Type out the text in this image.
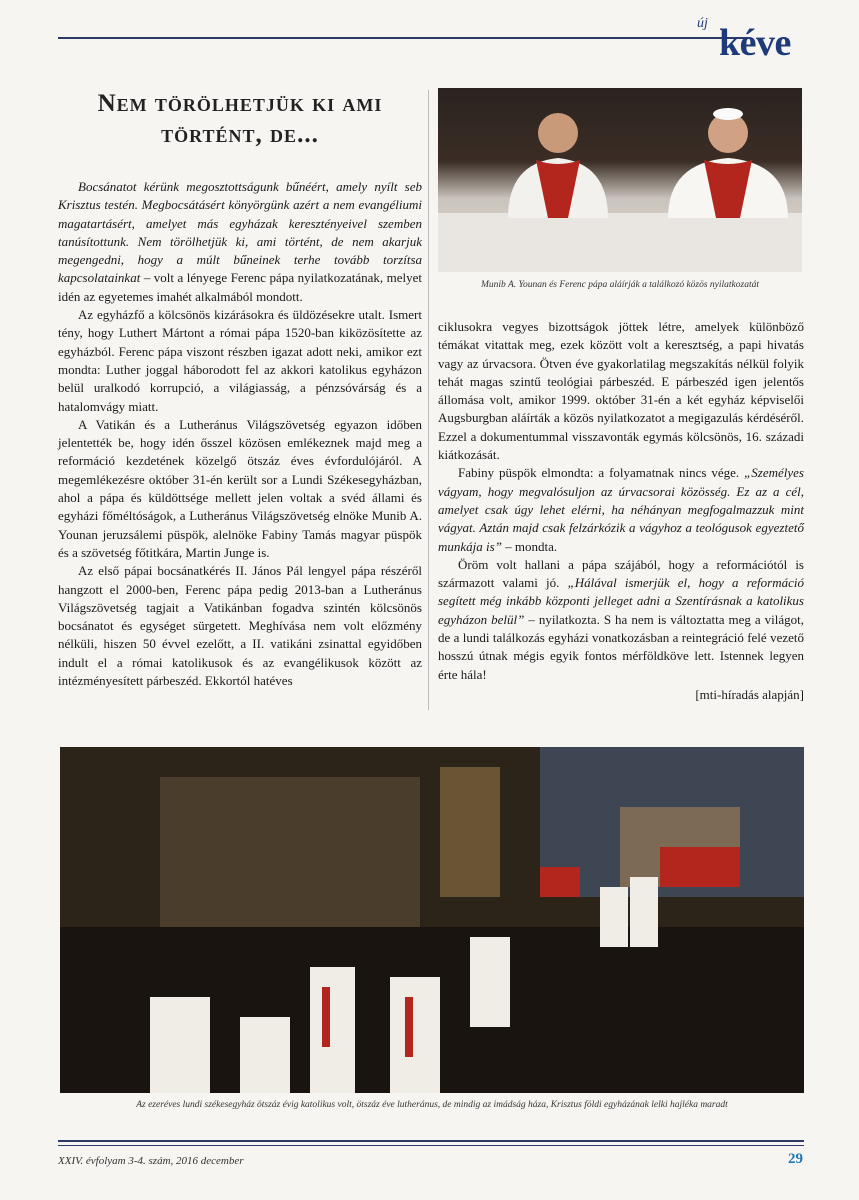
új kéve
Nem törölhetjük ki ami történt, de...

Bocsánatot kérünk megosztottságunk bűnéért, amely nyílt seb Krisztus testén. Megbocsátásért könyörgünk azért a nem evangéliumi magatartásért, amelyet más egyházak keresztényeivel szemben tanúsítottunk. Nem törölhetjük ki, ami történt, de nem akarjuk megengedni, hogy a múlt bűneinek terhe tovább torzítsa kapcsolatainkat – volt a lényege Ferenc pápa nyilatkozatának, melyet idén az egyetemes imahét alkalmából mondott.

Az egyházfő a kölcsönös kizárásokra és üldözésekre utalt. Ismert tény, hogy Luthert Mártont a római pápa 1520-ban kiközösítette az egyházból. Ferenc pápa viszont részben igazat adott neki, amikor ezt mondta: Luther joggal háborodott fel az akkori katolikus egyházon belül uralkodó korrupció, a világiasság, a pénzsóvárság és a hatalomvágy miatt.

A Vatikán és a Lutheránus Világszövetség egyazon időben jelentették be, hogy idén ősszel közösen emlékeznek majd meg a reformáció kezdetének közelgő ötszáz éves évfordulójáról. A megemlékezésre október 31-én került sor a Lundi Székesegyházban, ahol a pápa és küldöttsége mellett jelen voltak a svéd állami és egyházi főméltóságok, a Lutheránus Világszövetség elnöke Munib A. Younan jeruzsálemi püspök, alelnöke Fabiny Tamás magyar püspök és a szövetség főtitkára, Martin Junge is.

Az első pápai bocsánatkérés II. János Pál lengyel pápa részéről hangzott el 2000-ben, Ferenc pápa pedig 2013-ban a Lutheránus Világszövetség tagjait a Vatikánban fogadva szintén kölcsönös bocsánatot és egységet sürgetett. Meghívása nem volt előzmény nélküli, hiszen 50 évvel ezelőtt, a II. vatikáni zsinattal egyidőben indult el a római katolikusok és az evangélikusok között az intézményesített párbeszéd. Ekkortól hatéves

Munib A. Younan és Ferenc pápa aláírják a találkozó közös nyilatkozatát

ciklusokra vegyes bizottságok jöttek létre, amelyek különböző témákat vitattak meg, ezek között volt a keresztség, a papi hivatás vagy az úrvacsora. Ötven éve gyakorlatilag megszakítás nélkül folyik tehát magas szintű teológiai párbeszéd. E párbeszéd igen jelentős állomása volt, amikor 1999. október 31-én a két egyház képviselői Augsburgban aláírták a közös nyilatkozatot a megigazulás kérdéséről. Ezzel a dokumentummal visszavonták egymás kölcsönös, 16. századi kiátkozását.

Fabiny püspök elmondta: a folyamatnak nincs vége. „Személyes vágyam, hogy megvalósuljon az úrvacsorai közösség. Ez az a cél, amelyet csak úgy lehet elérni, ha néhányan megfogalmazzuk mint vágyat. Aztán majd csak felzárkózik a vágyhoz a teológusok egyeztető munkája is” – mondta.

Öröm volt hallani a pápa szájából, hogy a reformációtól is származott valami jó. „Hálával ismerjük el, hogy a reformáció segített még inkább központi jelleget adni a Szentírásnak a katolikus egyházon belül” – nyilatkozta. S ha nem is változtatta meg a világot, de a lundi találkozás egyházi vonatkozásban a reintegráció felé vezető hosszú útnak mégis egyik fontos mérföldköve lett. Istennek legyen érte hála!

[mti-híradás alapján]
Az ezeréves lundi székesegyház ötszáz évig katolikus volt, ötszáz éve lutheránus, de mindig az imádság háza, Krisztus földi egyházának lelki hajléka maradt
XXIV. évfolyam 3-4. szám, 2016 december	29
